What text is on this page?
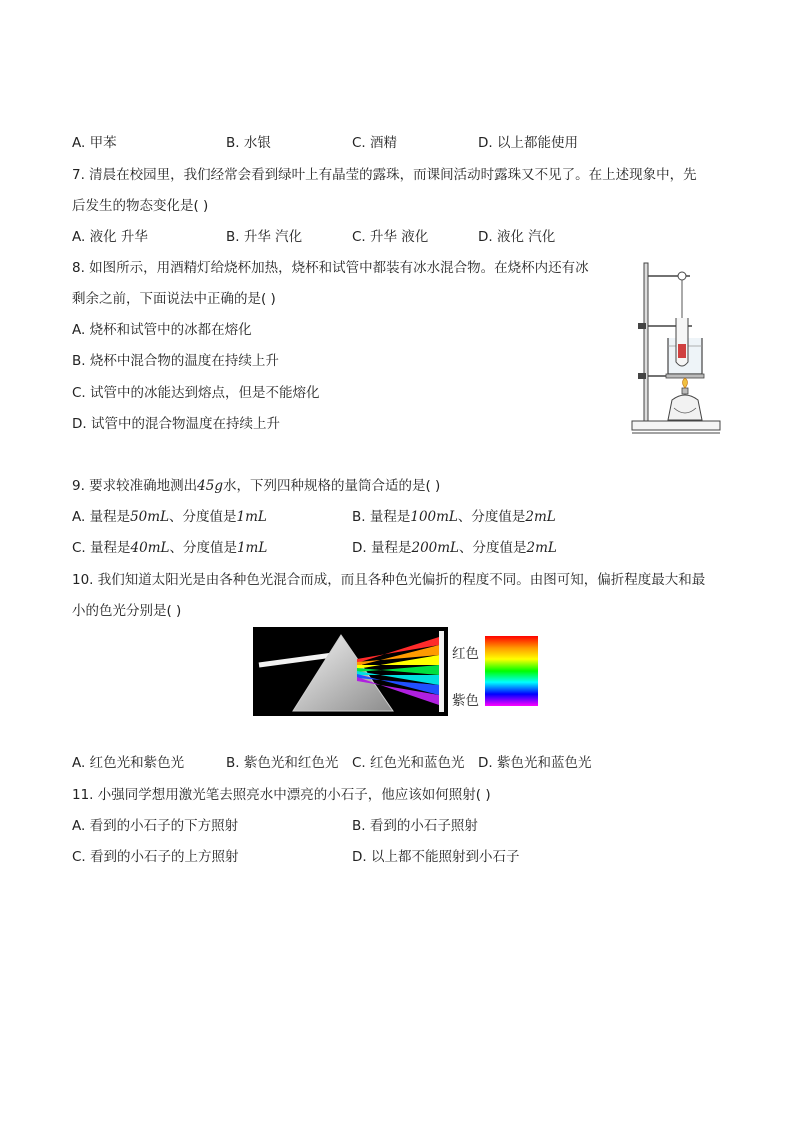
A. 甲苯	B. 水银	C. 酒精	D. 以上都能使用
7. 清晨在校园里，我们经常会看到绿叶上有晶莹的露珠，而课间活动时露珠又不见了。在上述现象中，先
后发生的物态变化是( )
A. 液化 升华	B. 升华 汽化	C. 升华 液化	D. 液化 汽化
8. 如图所示，用酒精灯给烧杯加热，烧杯和试管中都装有冰水混合物。在烧杯内还有冰
剩余之前，下面说法中正确的是( )
A. 烧杯和试管中的冰都在熔化
B. 烧杯中混合物的温度在持续上升
C. 试管中的冰能达到熔点，但是不能熔化
D. 试管中的混合物温度在持续上升
9. 要求较准确地测出45g水，下列四种规格的量筒合适的是( )
A. 量程是50mL、分度值是1mL	B. 量程是100mL、分度值是2mL
C. 量程是40mL、分度值是1mL	D. 量程是200mL、分度值是2mL
10. 我们知道太阳光是由各种色光混合而成，而且各种色光偏折的程度不同。由图可知，偏折程度最大和最
小的色光分别是( )
红色
紫色
A. 红色光和紫色光	B. 紫色光和红色光 C. 红色光和蓝色光 D. 紫色光和蓝色光
11. 小强同学想用激光笔去照亮水中漂亮的小石子，他应该如何照射( )
A. 看到的小石子的下方照射	B. 看到的小石子照射
C. 看到的小石子的上方照射	D. 以上都不能照射到小石子
